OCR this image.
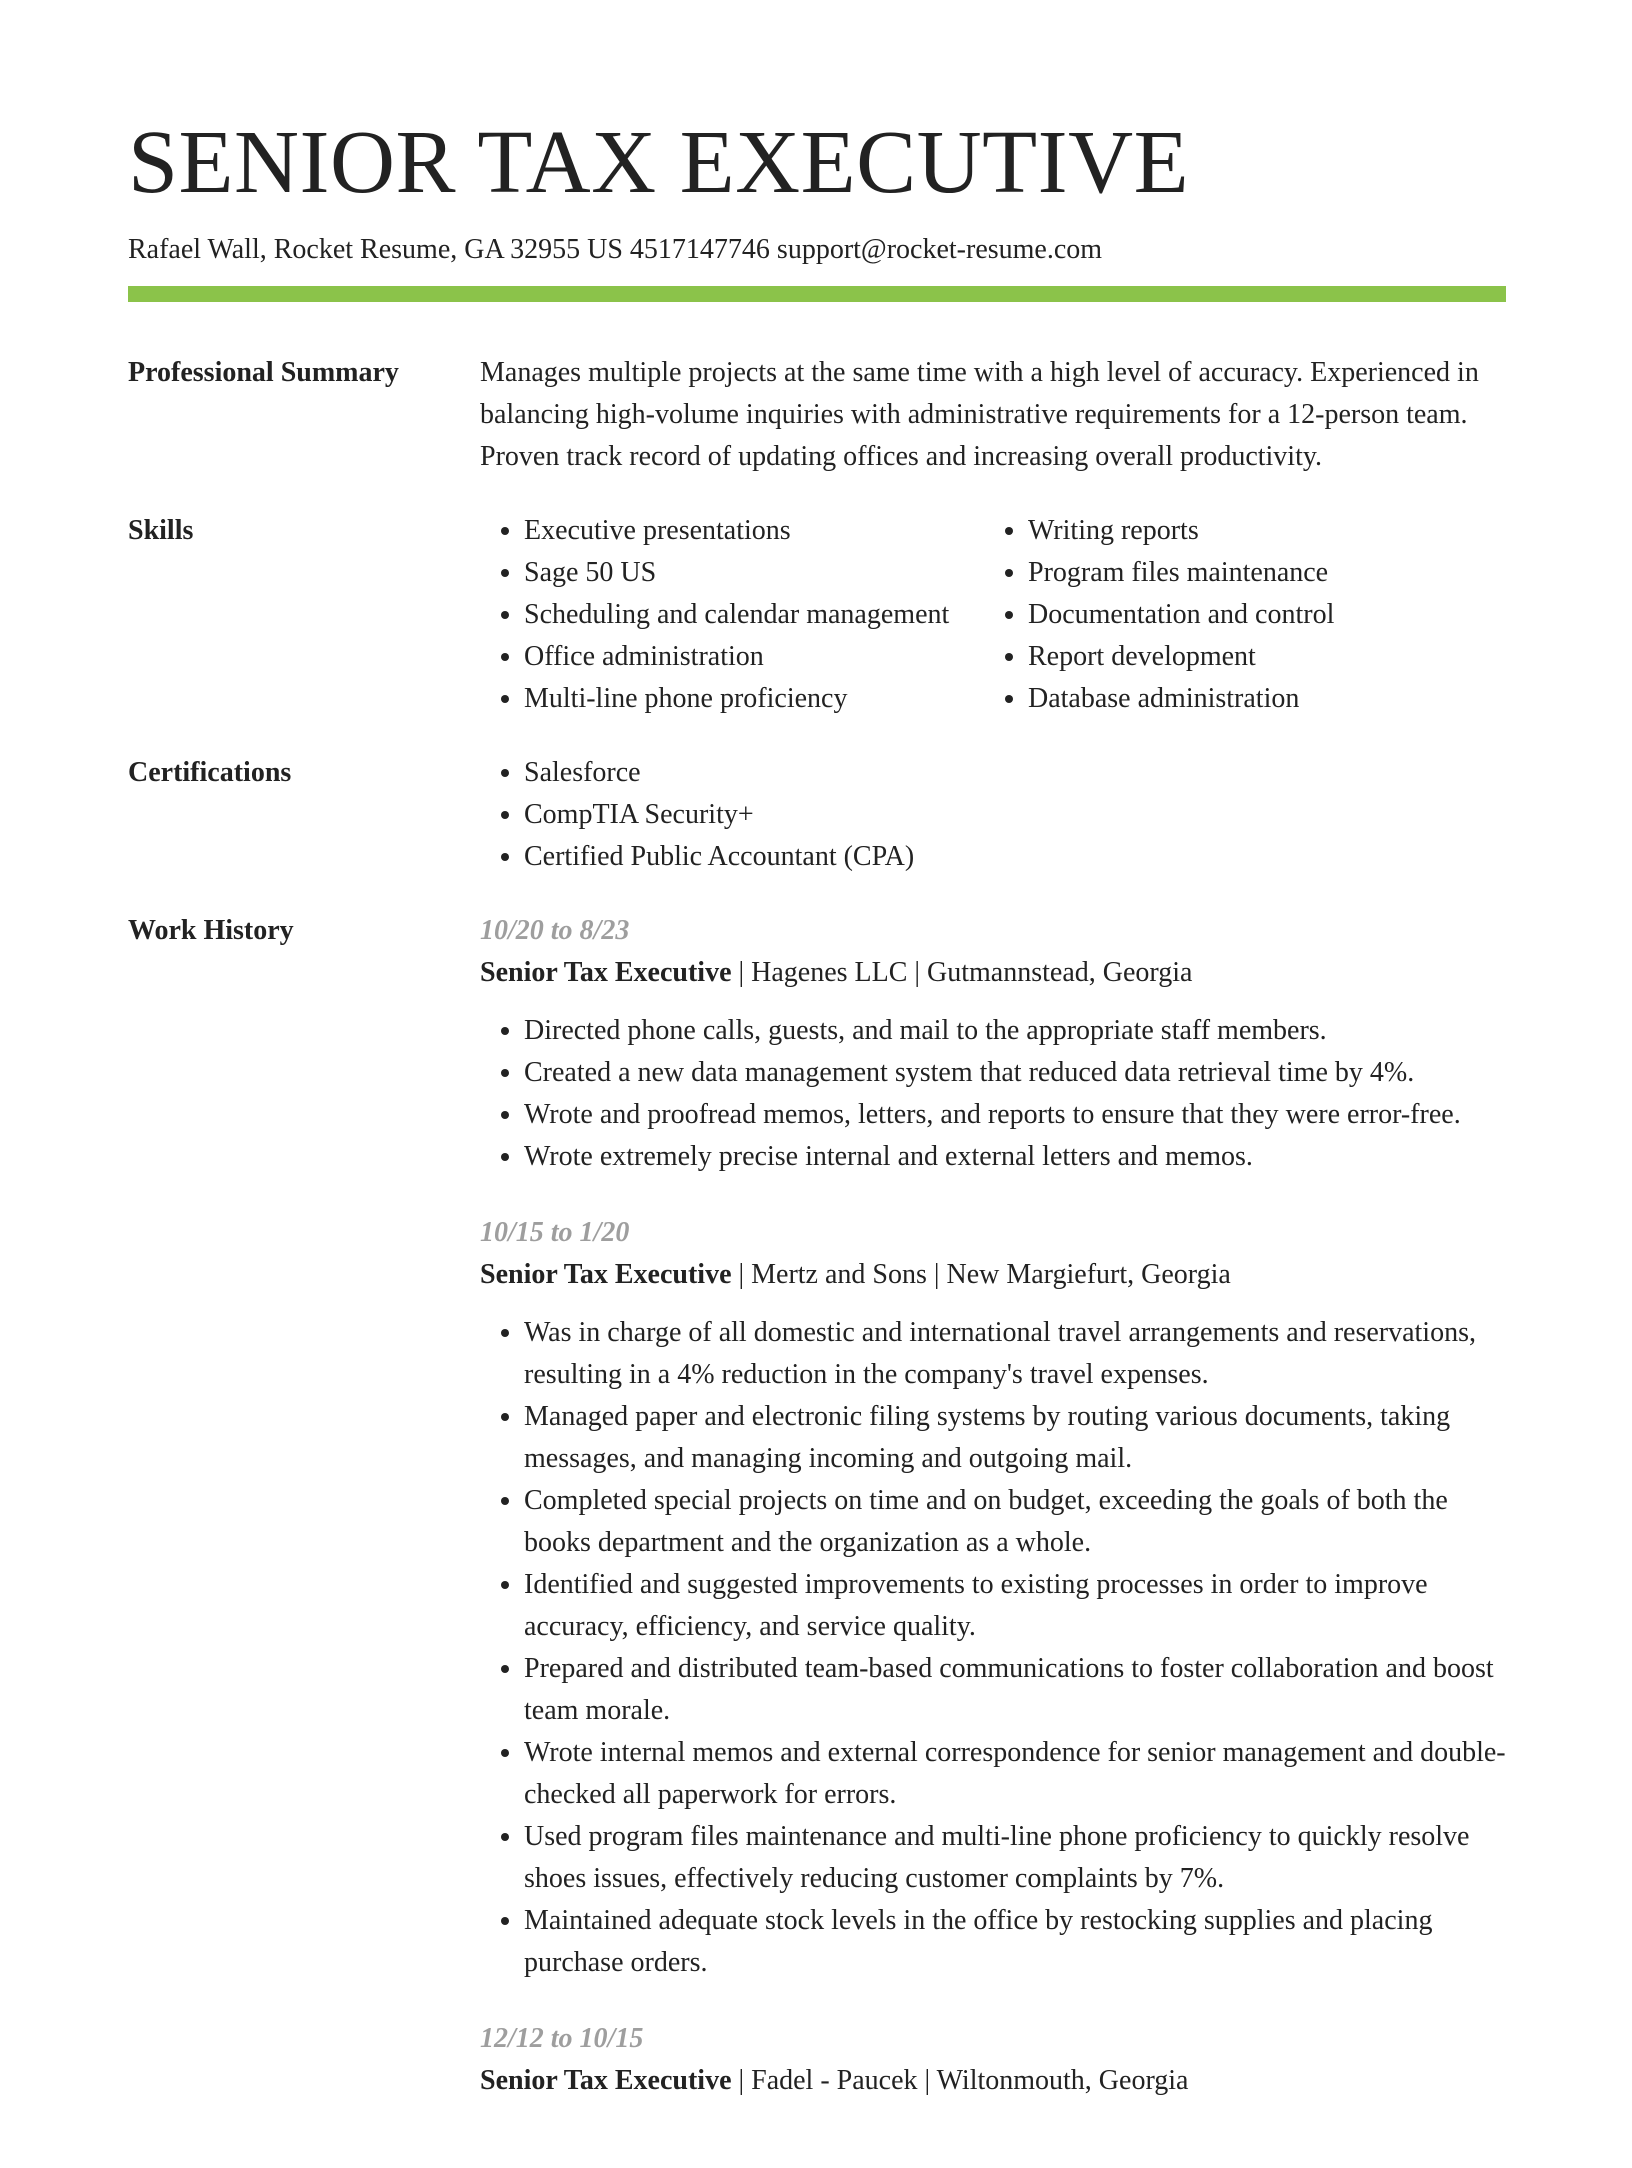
SENIOR TAX EXECUTIVE
Rafael Wall, Rocket Resume, GA 32955 US 4517147746 support@rocket-resume.com
Professional Summary	Manages multiple projects at the same time with a high level of accuracy. Experienced in balancing high-volume inquiries with administrative requirements for a 12-person team. Proven track record of updating offices and increasing overall productivity.

Skills	• Executive presentations
• Sage 50 US
• Scheduling and calendar management
• Office administration
• Multi-line phone proficiency
• Writing reports
• Program files maintenance
• Documentation and control
• Report development
• Database administration
Certifications	• Salesforce
• CompTIA Security+
• Certified Public Accountant (CPA)
Work History	10/20 to 8/23
Senior Tax Executive | Hagenes LLC | Gutmannstead, Georgia
• Directed phone calls, guests, and mail to the appropriate staff members.
• Created a new data management system that reduced data retrieval time by 4%.
• Wrote and proofread memos, letters, and reports to ensure that they were error-free.
• Wrote extremely precise internal and external letters and memos.
10/15 to 1/20
Senior Tax Executive | Mertz and Sons | New Margiefurt, Georgia
• Was in charge of all domestic and international travel arrangements and reservations, resulting in a 4% reduction in the company's travel expenses.
• Managed paper and electronic filing systems by routing various documents, taking messages, and managing incoming and outgoing mail.
• Completed special projects on time and on budget, exceeding the goals of both the books department and the organization as a whole.
• Identified and suggested improvements to existing processes in order to improve accuracy, efficiency, and service quality.
• Prepared and distributed team-based communications to foster collaboration and boost team morale.
• Wrote internal memos and external correspondence for senior management and double-checked all paperwork for errors.
• Used program files maintenance and multi-line phone proficiency to quickly resolve shoes issues, effectively reducing customer complaints by 7%.
• Maintained adequate stock levels in the office by restocking supplies and placing purchase orders.
12/12 to 10/15
Senior Tax Executive | Fadel - Paucek | Wiltonmouth, Georgia
